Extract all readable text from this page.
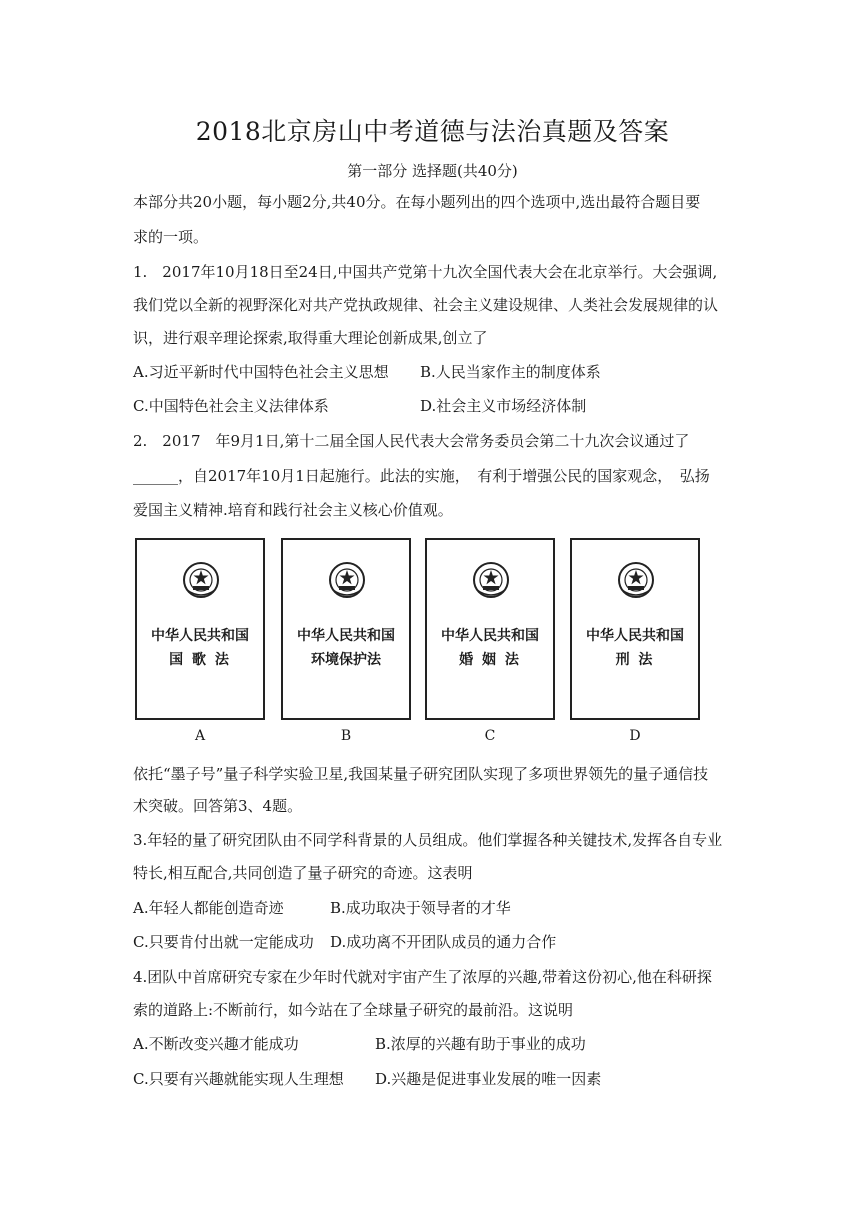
2018北京房山中考道德与法治真题及答案
第一部分 选择题(共40分)
本部分共20小题，每小题2分,共40分。在每小题列出的四个选项中,选出最符合题目要
求的一项。
1.　2017年10月18日至24日,中国共产党第十九次全国代表大会在北京举行。大会强调,
我们党以全新的视野深化对共产党执政规律、社会主义建设规律、人类社会发展规律的认
识，进行艰辛理论探索,取得重大理论创新成果,创立了
A.习近平新时代中国特色社会主义思想 B.人民当家作主的制度体系
C.中国特色社会主义法律体系	D.社会主义市场经济体制
2.　2017　年9月1日,第十二届全国人民代表大会常务委员会第二十九次会议通过了
______，自2017年10月1日起施行。此法的实施，　有利于增强公民的国家观念，　弘扬
爱国主义精神.培育和践行社会主义核心价值观。
中华人民共和国
国 歌 法
A
中华人民共和国
环境保护法
B
中华人民共和国
婚 姻 法
C
中华人民共和国
刑 法
D
依托“墨子号”量子科学实验卫星,我国某量子研究团队实现了多项世界领先的量子通信技
术突破。回答第3、4题。
3.年轻的量了研究团队由不同学科背景的人员组成。他们掌握各种关键技术,发挥各自专业
特长,相互配合,共同创造了量子研究的奇迹。这表明
A.年轻人都能创造奇迹	B.成功取决于领导者的才华
C.只要肯付出就一定能成功 D.成功离不开团队成员的通力合作
4.团队中首席研究专家在少年时代就对宇宙产生了浓厚的兴趣,带着这份初心,他在科研探
索的道路上:不断前行，如今站在了全球量子研究的最前沿。这说明
A.不断改变兴趣才能成功	B.浓厚的兴趣有助于事业的成功
C.只要有兴趣就能实现人生理想 D.兴趣是促进事业发展的唯一因素
